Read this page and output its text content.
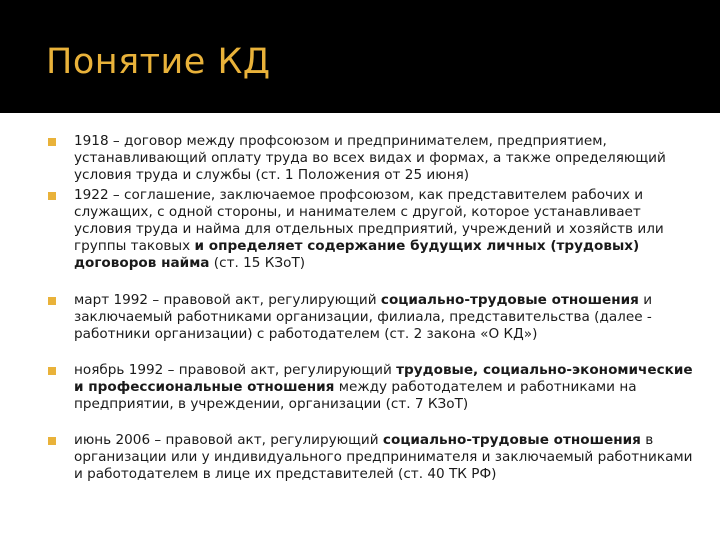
Понятие КД
1918 – договор между профсоюзом и предпринимателем, предприятием, устанавливающий оплату труда во всех видах и формах, а также определяющий условия труда и службы (ст. 1 Положения от 25 июня)
1922 – соглашение, заключаемое профсоюзом, как представителем рабочих и служащих, с одной стороны, и нанимателем с другой, которое устанавливает условия труда и найма для отдельных предприятий, учреждений и хозяйств или группы таковых и определяет содержание будущих личных (трудовых) договоров найма (ст. 15 КЗоТ)
март 1992 – правовой акт, регулирующий социально-трудовые отношения и заключаемый работниками организации, филиала, представительства (далее - работники организации) с работодателем (ст. 2 закона «О КД»)
ноябрь 1992 – правовой акт, регулирующий трудовые, социально-экономические и профессиональные отношения между работодателем и работниками на предприятии, в учреждении, организации (ст. 7 КЗоТ)
июнь 2006 – правовой акт, регулирующий социально-трудовые отношения в организации или у индивидуального предпринимателя и заключаемый работниками и работодателем в лице их представителей (ст. 40 ТК РФ)
